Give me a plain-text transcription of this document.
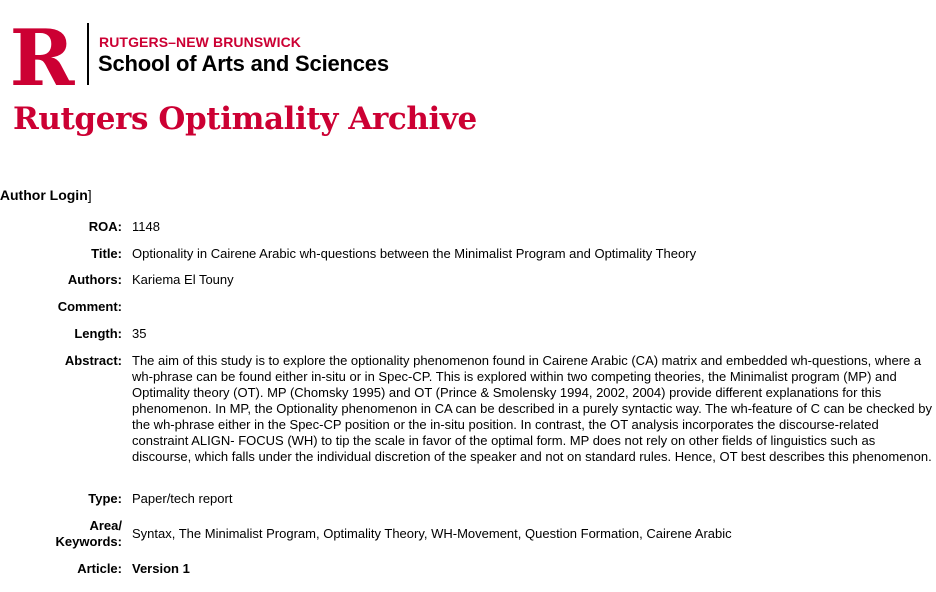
R RUTGERS–NEW BRUNSWICK
School of Arts and Sciences
Rutgers Optimality Archive
Author Login]
ROA: 1148
Title: Optionality in Cairene Arabic wh-questions between the Minimalist Program and Optimality Theory
Authors: Kariema El Touny
Comment:
Length: 35
Abstract: The aim of this study is to explore the optionality phenomenon found in Cairene Arabic (CA) matrix and embedded wh-questions, where a wh-phrase can be found either in-situ or in Spec-CP. This is explored within two competing theories, the Minimalist program (MP) and Optimality theory (OT). MP (Chomsky 1995) and OT (Prince & Smolensky 1994, 2002, 2004) provide different explanations for this phenomenon. In MP, the Optionality phenomenon in CA can be described in a purely syntactic way. The wh-feature of C can be checked by the wh-phrase either in the Spec-CP position or the in-situ position. In contrast, the OT analysis incorporates the discourse-related constraint ALIGN- FOCUS (WH) to tip the scale in favor of the optimal form. MP does not rely on other fields of linguistics such as discourse, which falls under the individual discretion of the speaker and not on standard rules. Hence, OT best describes this phenomenon.
Type: Paper/tech report
Area/
Keywords:
Syntax, The Minimalist Program, Optimality Theory, WH-Movement, Question Formation, Cairene Arabic
Article: Version 1
